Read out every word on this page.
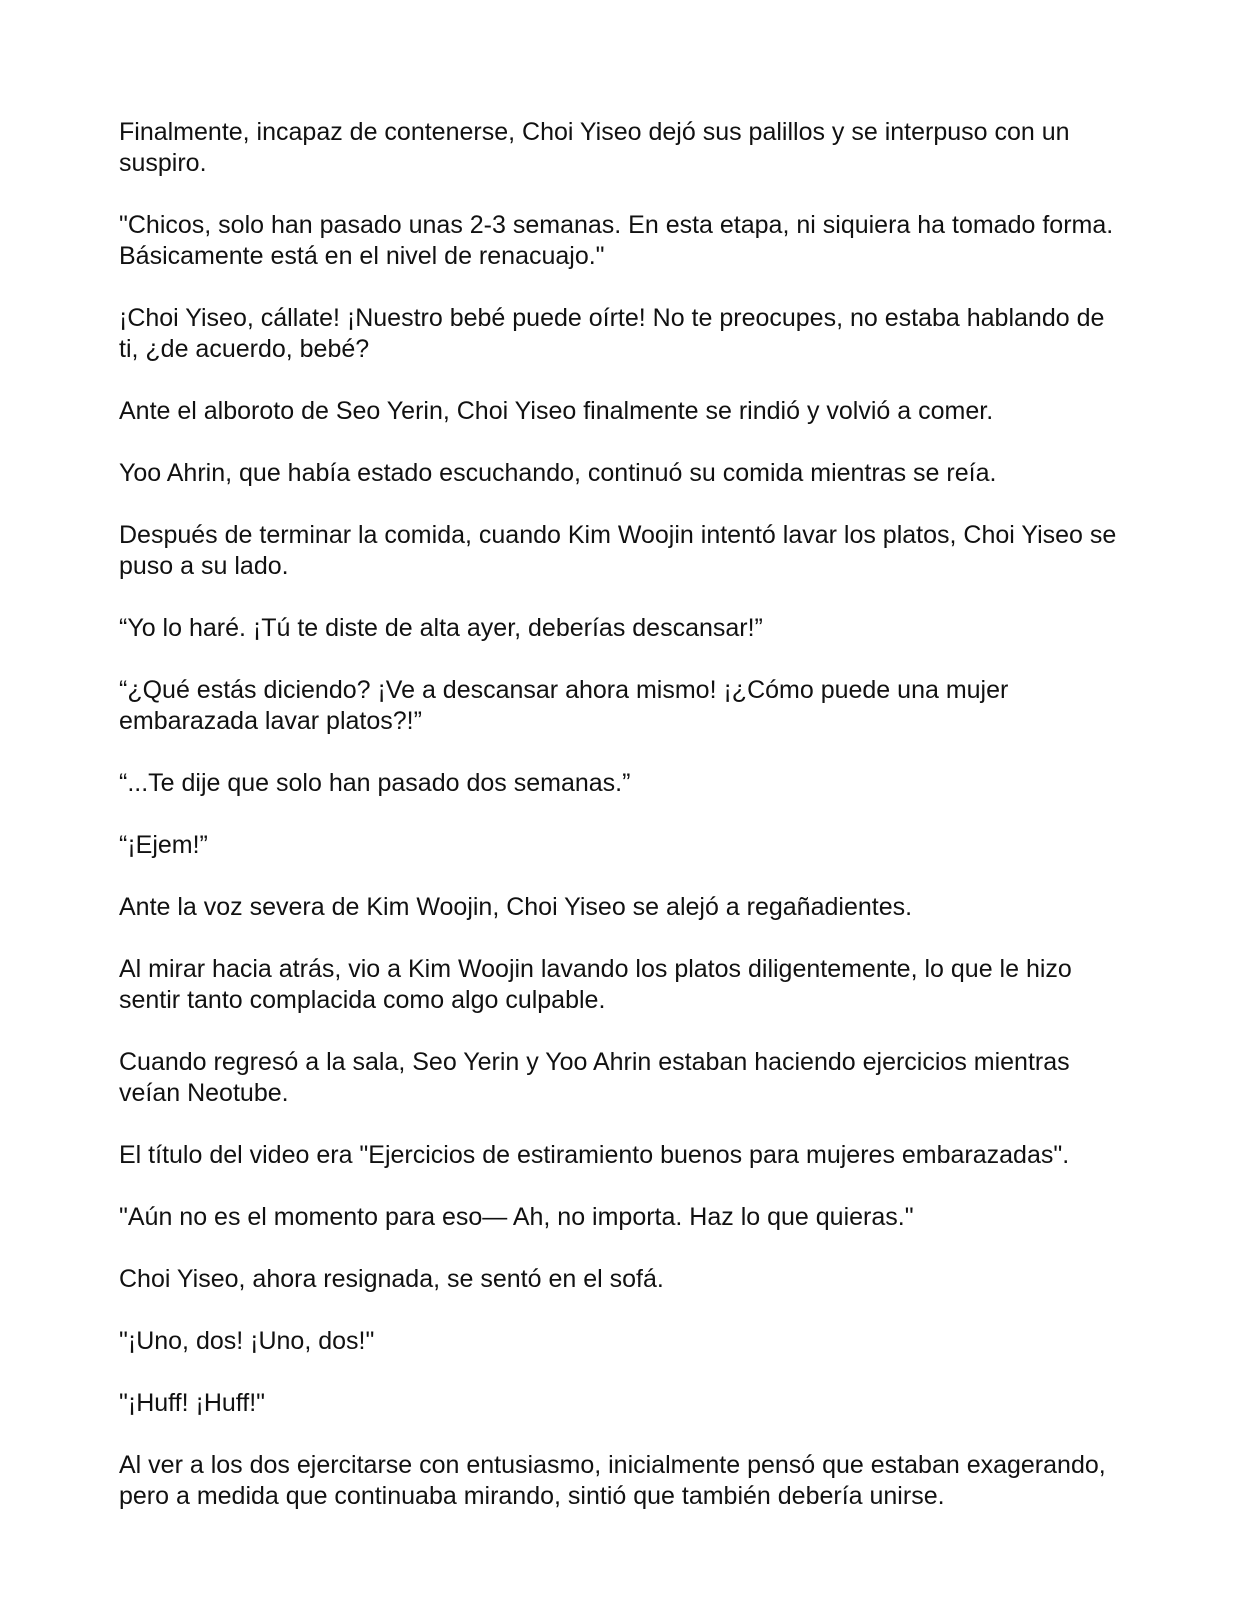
Finalmente, incapaz de contenerse, Choi Yiseo dejó sus palillos y se interpuso con un suspiro.

"Chicos, solo han pasado unas 2-3 semanas. En esta etapa, ni siquiera ha tomado forma. Básicamente está en el nivel de renacuajo."

¡Choi Yiseo, cállate! ¡Nuestro bebé puede oírte! No te preocupes, no estaba hablando de ti, ¿de acuerdo, bebé?

Ante el alboroto de Seo Yerin, Choi Yiseo finalmente se rindió y volvió a comer.

Yoo Ahrin, que había estado escuchando, continuó su comida mientras se reía.

Después de terminar la comida, cuando Kim Woojin intentó lavar los platos, Choi Yiseo se puso a su lado.

“Yo lo haré. ¡Tú te diste de alta ayer, deberías descansar!”

“¿Qué estás diciendo? ¡Ve a descansar ahora mismo! ¡¿Cómo puede una mujer embarazada lavar platos?!”

“...Te dije que solo han pasado dos semanas.”

“¡Ejem!”

Ante la voz severa de Kim Woojin, Choi Yiseo se alejó a regañadientes.

Al mirar hacia atrás, vio a Kim Woojin lavando los platos diligentemente, lo que le hizo sentir tanto complacida como algo culpable.

Cuando regresó a la sala, Seo Yerin y Yoo Ahrin estaban haciendo ejercicios mientras veían Neotube.

El título del video era "Ejercicios de estiramiento buenos para mujeres embarazadas".

"Aún no es el momento para eso— Ah, no importa. Haz lo que quieras."

Choi Yiseo, ahora resignada, se sentó en el sofá.

"¡Uno, dos! ¡Uno, dos!"

"¡Huff! ¡Huff!"

Al ver a los dos ejercitarse con entusiasmo, inicialmente pensó que estaban exagerando, pero a medida que continuaba mirando, sintió que también debería unirse.
